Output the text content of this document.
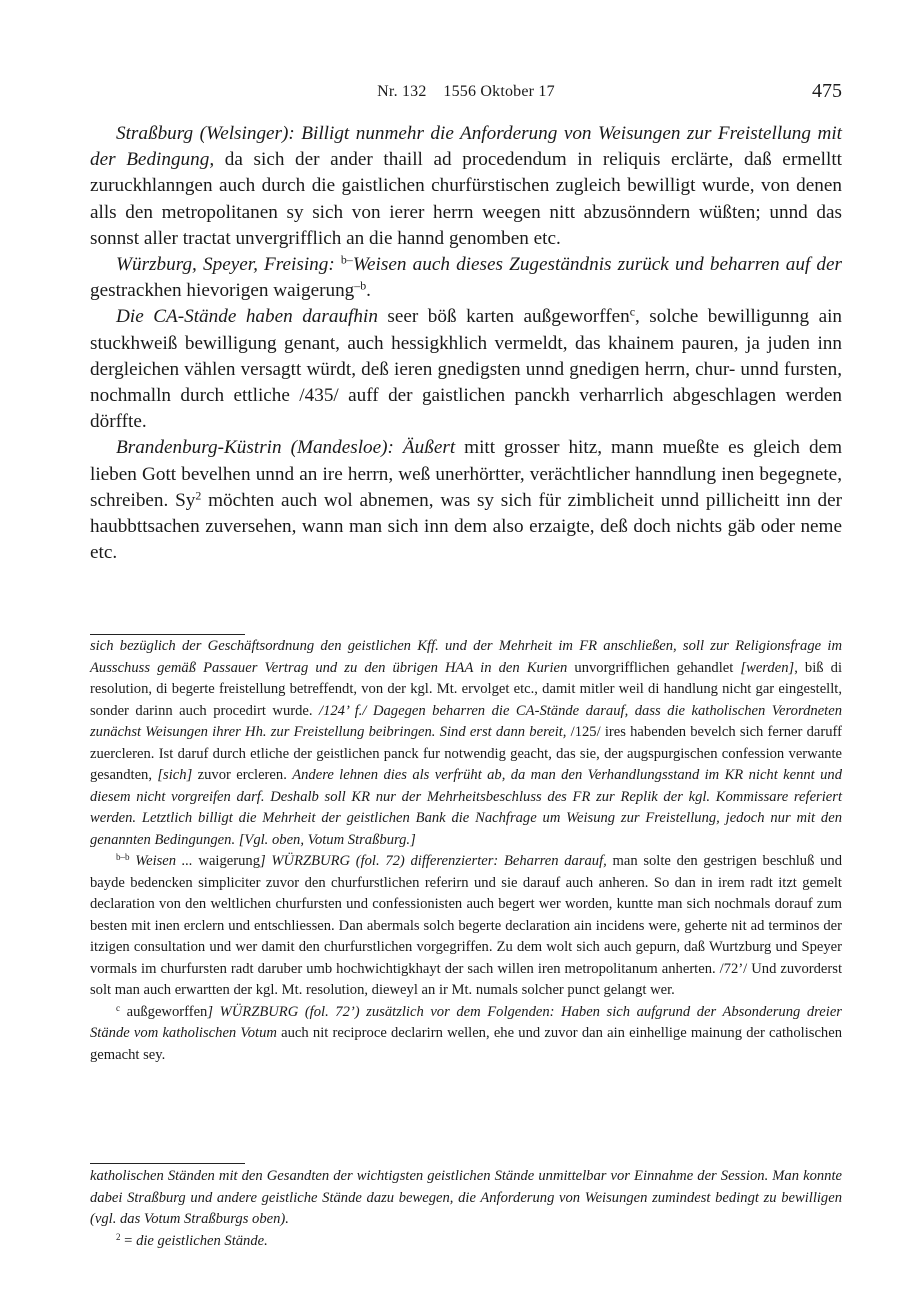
Nr. 132    1556 Oktober 17	475

Straßburg (Welsinger): Billigt nunmehr die Anforderung von Weisungen zur Freistellung mit der Bedingung, da sich der ander thaill ad procedendum in reliquis erclärte, daß ermelltt zuruckhlanngen auch durch die gaistlichen churfürstischen zugleich bewilligt wurde, von denen alls den metropolitanen sy sich von ierer herrn weegen nitt abzusönndern wüßten; unnd das sonnst aller tractat unvergrifflich an die hannd genomben etc.

Würzburg, Speyer, Freising: $^{b-}$Weisen auch dieses Zugeständnis zurück und beharren auf der gestrackhen hievorigen waigerung$^{-b}$.

Die CA-Stände haben daraufhin seer böß karten außgeworffen$^c$, solche bewilligunng ain stuckhweiß bewilligung genant, auch hessigkhlich vermeldt, das khainem pauren, ja juden inn dergleichen vählen versagtt würdt, deß ieren gnedigsten unnd gnedigen herrn, chur- unnd fursten, nochmalln durch ettliche /435/ auff der gaistlichen panckh verharrlich abgeschlagen werden dörffte.

Brandenburg-Küstrin (Mandesloe): Äußert mitt grosser hitz, mann mueßte es gleich dem lieben Gott bevelhen unnd an ire herrn, weß unerhörtter, verächtlicher hanndlung inen begegnete, schreiben. Sy$^2$ möchten auch wol abnemen, was sy sich für zimblicheit unnd pillicheitt inn der haubbttsachen zuversehen, wann man sich inn dem also erzaigte, deß doch nichts gäb oder neme etc.

sich bezüglich der Geschäftsordnung den geistlichen Kff. und der Mehrheit im FR anschließen, soll zur Religionsfrage im Ausschuss gemäß Passauer Vertrag und zu den übrigen HAA in den Kurien unvorgrifflichen gehandlet [werden], biß di resolution, di begerte freistellung betreffendt, von der kgl. Mt. ervolget etc., damit mitler weil di handlung nicht gar eingestellt, sonder darinn auch procedirt wurde. /124’ f./ Dagegen beharren die CA-Stände darauf, dass die katholischen Verordneten zunächst Weisungen ihrer Hh. zur Freistellung beibringen. Sind erst dann bereit, /125/ ires habenden bevelch sich ferner daruff zuercleren. Ist daruf durch etliche der geistlichen panck fur notwendig geacht, das sie, der augspurgischen confession verwante gesandten, [sich] zuvor ercleren. Andere lehnen dies als verfrüht ab, da man den Verhandlungsstand im KR nicht kennt und diesem nicht vorgreifen darf. Deshalb soll KR nur der Mehrheitsbeschluss des FR zur Replik der kgl. Kommissare referiert werden. Letztlich billigt die Mehrheit der geistlichen Bank die Nachfrage um Weisung zur Freistellung, jedoch nur mit den genannten Bedingungen. [Vgl. oben, Votum Straßburg.]

$^{b-b}$ Weisen ... waigerung] WÜRZBURG (fol. 72) differenzierter: Beharren darauf, man solte den gestrigen beschluß und bayde bedencken simpliciter zuvor den churfurstlichen referirn und sie darauf auch anheren. So dan in irem radt itzt gemelt declaration von den weltlichen churfursten und confessionisten auch begert wer worden, kuntte man sich nochmals dorauf zum besten mit inen erclern und entschliessen. Dan abermals solch begerte declaration ain incidens were, geherte nit ad terminos der itzigen consultation und wer damit den churfurstlichen vorgegriffen. Zu dem wolt sich auch gepurn, daß Wurtzburg und Speyer vormals im churfursten radt daruber umb hochwichtigkhayt der sach willen iren metropolitanum anherten. /72’/ Und zuvorderst solt man auch erwartten der kgl. Mt. resolution, dieweyl an ir Mt. numals solcher punct gelangt wer.

$^c$ außgeworffen] WÜRZBURG (fol. 72’) zusätzlich vor dem Folgenden: Haben sich aufgrund der Absonderung dreier Stände vom katholischen Votum auch nit reciproce declarirn wellen, ehe und zuvor dan ain einhellige mainung der catholischen gemacht sey.

katholischen Ständen mit den Gesandten der wichtigsten geistlichen Stände unmittelbar vor Einnahme der Session. Man konnte dabei Straßburg und andere geistliche Stände dazu bewegen, die Anforderung von Weisungen zumindest bedingt zu bewilligen (vgl. das Votum Straßburgs oben).

$^2$ = die geistlichen Stände.
